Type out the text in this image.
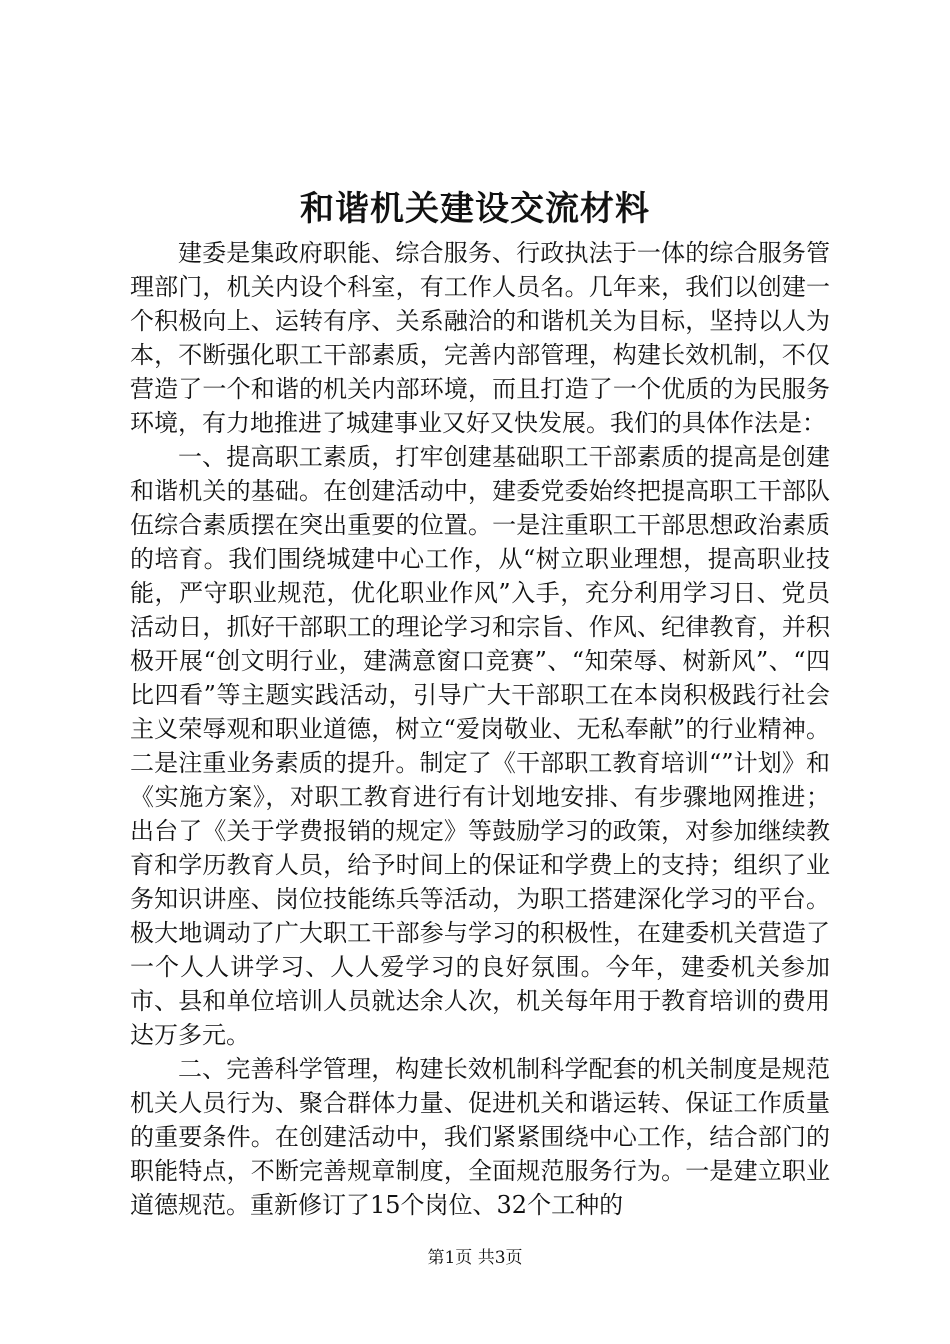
和谐机关建设交流材料

建委是集政府职能、综合服务、行政执法于一体的综合服务管理部门，机关内设个科室，有工作人员名。几年来，我们以创建一个积极向上、运转有序、关系融洽的和谐机关为目标，坚持以人为本，不断强化职工干部素质，完善内部管理，构建长效机制，不仅营造了一个和谐的机关内部环境，而且打造了一个优质的为民服务环境，有力地推进了城建事业又好又快发展。我们的具体作法是：

一、提高职工素质，打牢创建基础职工干部素质的提高是创建和谐机关的基础。在创建活动中，建委党委始终把提高职工干部队伍综合素质摆在突出重要的位置。一是注重职工干部思想政治素质的培育。我们围绕城建中心工作，从“树立职业理想，提高职业技能，严守职业规范，优化职业作风”入手，充分利用学习日、党员活动日，抓好干部职工的理论学习和宗旨、作风、纪律教育，并积极开展“创文明行业，建满意窗口竞赛”、“知荣辱、树新风”、“四比四看”等主题实践活动，引导广大干部职工在本岗积极践行社会主义荣辱观和职业道德，树立“爱岗敬业、无私奉献”的行业精神。二是注重业务素质的提升。制定了《干部职工教育培训“”计划》和《实施方案》，对职工教育进行有计划地安排、有步骤地网推进；出台了《关于学费报销的规定》等鼓励学习的政策，对参加继续教育和学历教育人员，给予时间上的保证和学费上的支持；组织了业务知识讲座、岗位技能练兵等活动，为职工搭建深化学习的平台。极大地调动了广大职工干部参与学习的积极性，在建委机关营造了一个人人讲学习、人人爱学习的良好氛围。今年，建委机关参加市、县和单位培训人员就达余人次，机关每年用于教育培训的费用达万多元。

二、完善科学管理，构建长效机制科学配套的机关制度是规范机关人员行为、聚合群体力量、促进机关和谐运转、保证工作质量的重要条件。在创建活动中，我们紧紧围绕中心工作，结合部门的职能特点，不断完善规章制度，全面规范服务行为。一是建立职业道德规范。重新修订了15个岗位、32个工种的

第1页 共3页
